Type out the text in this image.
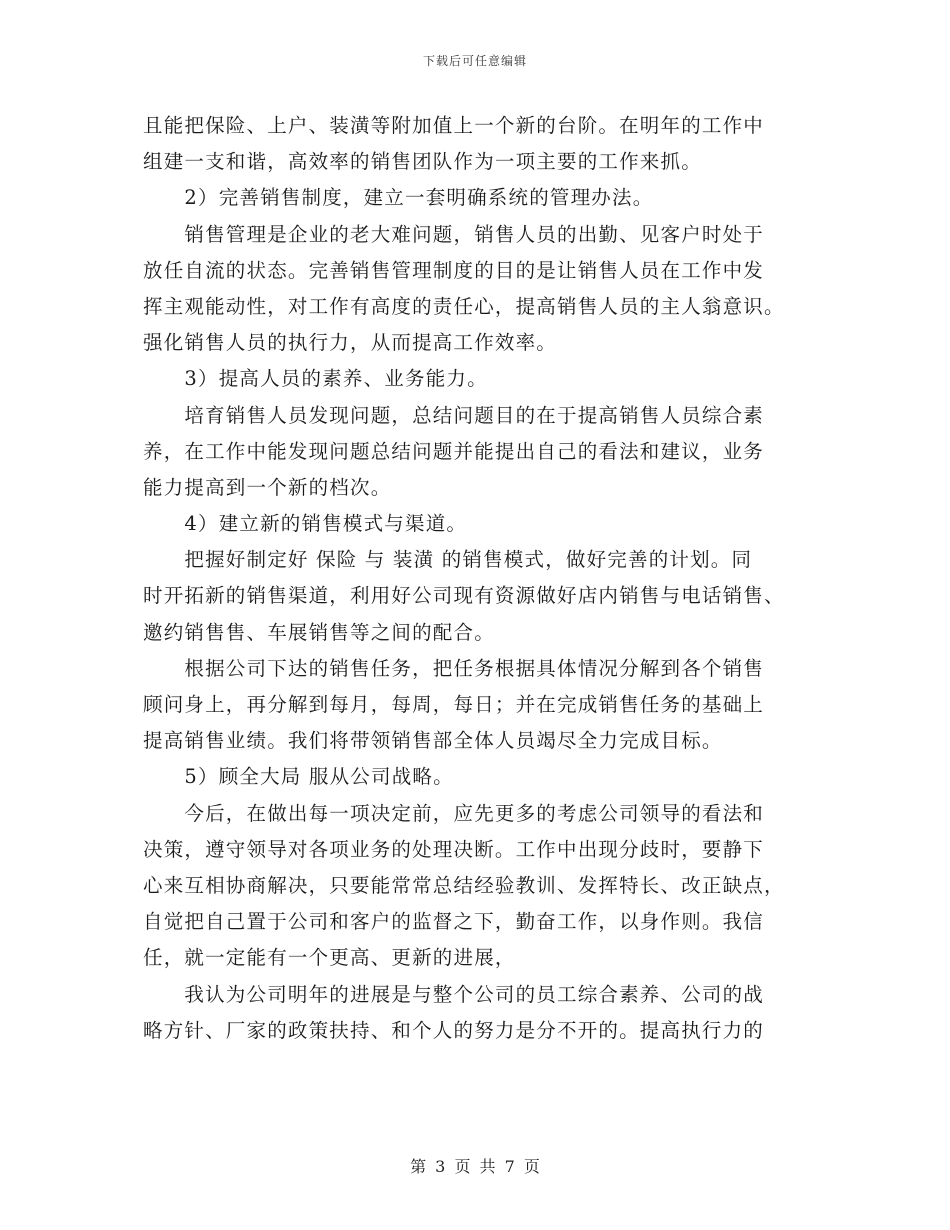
下载后可任意编辑
且能把保险、上户、装潢等附加值上一个新的台阶。在明年的工作中
组建一支和谐，高效率的销售团队作为一项主要的工作来抓。
　　2）完善销售制度，建立一套明确系统的管理办法。
　　销售管理是企业的老大难问题，销售人员的出勤、见客户时处于
放任自流的状态。完善销售管理制度的目的是让销售人员在工作中发
挥主观能动性，对工作有高度的责任心，提高销售人员的主人翁意识。
强化销售人员的执行力，从而提高工作效率。
　　3）提高人员的素养、业务能力。
　　培育销售人员发现问题，总结问题目的在于提高销售人员综合素
养，在工作中能发现问题总结问题并能提出自己的看法和建议，业务
能力提高到一个新的档次。
　　4）建立新的销售模式与渠道。
　　把握好制定好 保险 与 装潢 的销售模式，做好完善的计划。同
时开拓新的销售渠道，利用好公司现有资源做好店内销售与电话销售、
邀约销售售、车展销售等之间的配合。
　　根据公司下达的销售任务，把任务根据具体情况分解到各个销售
顾问身上，再分解到每月，每周，每日；并在完成销售任务的基础上
提高销售业绩。我们将带领销售部全体人员竭尽全力完成目标。
　　5）顾全大局 服从公司战略。
　　今后，在做出每一项决定前，应先更多的考虑公司领导的看法和
决策，遵守领导对各项业务的处理决断。工作中出现分歧时，要静下
心来互相协商解决，只要能常常总结经验教训、发挥特长、改正缺点，
自觉把自己置于公司和客户的监督之下，勤奋工作，以身作则。我信
任，就一定能有一个更高、更新的进展，
　　我认为公司明年的进展是与整个公司的员工综合素养、公司的战
略方针、厂家的政策扶持、和个人的努力是分不开的。提高执行力的
第 3 页 共 7 页
